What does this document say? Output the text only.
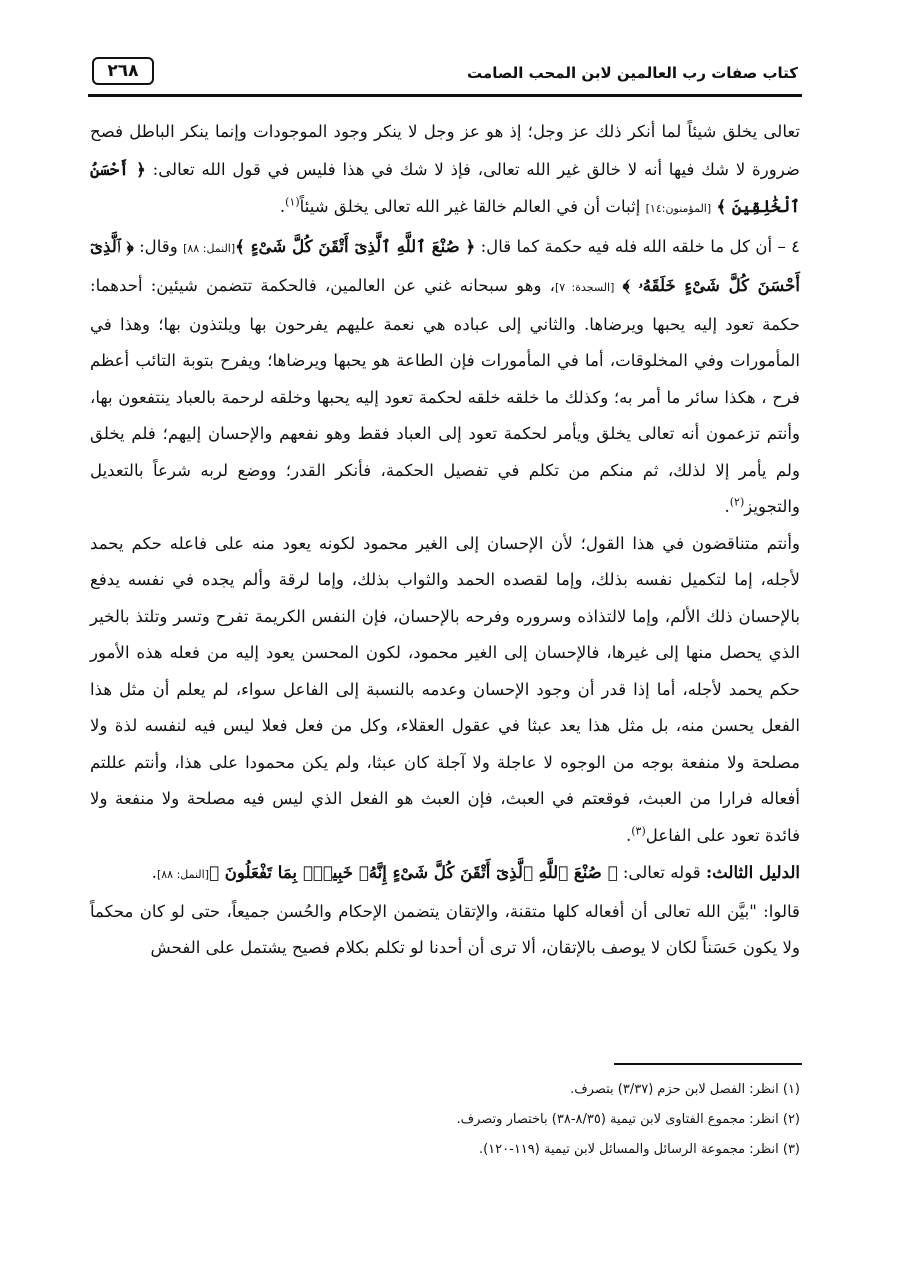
كتاب صفات رب العالمين لابن المحب الصامت
٢٦٨

تعالى يخلق شيئاً لما أنكر ذلك عز وجل؛ إذ هو عز وجل لا ينكر وجود الموجودات وإنما ينكر الباطل فصح ضرورة لا شك فيها أنه لا خالق غير الله تعالى، فإذ لا شك في هذا فليس في قول الله تعالى: ﴿ أَحْسَنُ ٱلْخَٰلِقِينَ ﴾ [المؤمنون:١٤] إثبات أن في العالم خالقا غير الله تعالى يخلق شيئاً$^{(١)}$.

٤ – أن كل ما خلقه الله فله فيه حكمة كما قال: ﴿ صُنْعَ ٱللَّهِ ٱلَّذِىٓ أَتْقَنَ كُلَّ شَىْءٍ ﴾[النمل: ٨٨] وقال: ﴿ ٱلَّذِىٓ أَحْسَنَ كُلَّ شَىْءٍ خَلَقَهُۥ ﴾ [السجدة: ٧]، وهو سبحانه غني عن العالمين، فالحكمة تتضمن شيئين: أحدهما: حكمة تعود إليه يحبها ويرضاها. والثاني إلى عباده هي نعمة عليهم يفرحون بها ويلتذون بها؛ وهذا في المأمورات وفي المخلوقات، أما في المأمورات فإن الطاعة هو يحبها ويرضاها؛ ويفرح بتوبة التائب أعظم فرح ، هكذا سائر ما أمر به؛ وكذلك ما خلقه خلقه لحكمة تعود إليه يحبها وخلقه لرحمة بالعباد ينتفعون بها، وأنتم تزعمون أنه تعالى يخلق ويأمر لحكمة تعود إلى العباد فقط وهو نفعهم والإحسان إليهم؛ فلم يخلق ولم يأمر إلا لذلك، ثم منكم من تكلم في تفصيل الحكمة، فأنكر القدر؛ ووضع لربه شرعاً بالتعديل والتجويز$^{(٢)}$.

وأنتم متناقضون في هذا القول؛ لأن الإحسان إلى الغير محمود لكونه يعود منه على فاعله حكم يحمد لأجله، إما لتكميل نفسه بذلك، وإما لقصده الحمد والثواب بذلك، وإما لرقة وألم يجده في نفسه يدفع بالإحسان ذلك الألم، وإما لالتذاذه وسروره وفرحه بالإحسان، فإن النفس الكريمة تفرح وتسر وتلتذ بالخير الذي يحصل منها إلى غيرها، فالإحسان إلى الغير محمود، لكون المحسن يعود إليه من فعله هذه الأمور حكم يحمد لأجله، أما إذا قدر أن وجود الإحسان وعدمه بالنسبة إلى الفاعل سواء، لم يعلم أن مثل هذا الفعل يحسن منه، بل مثل هذا يعد عبثا في عقول العقلاء، وكل من فعل فعلا ليس فيه لنفسه لذة ولا مصلحة ولا منفعة بوجه من الوجوه لا عاجلة ولا آجلة كان عبثا، ولم يكن محمودا على هذا، وأنتم عللتم أفعاله فرارا من العبث، فوقعتم في العبث، فإن العبث هو الفعل الذي ليس فيه مصلحة ولا منفعة ولا فائدة تعود على الفاعل$^{(٣)}$.

الدليل الثالث: قوله تعالى: ﴿ صُنْعَ ٱللَّهِ ٱلَّذِىٓ أَتْقَنَ كُلَّ شَىْءٍ إِنَّهُۥ خَبِيرٌۢ بِمَا تَفْعَلُونَ ﴾[النمل: ٨٨].

قالوا: "بيَّن الله تعالى أن أفعاله كلها متقنة، والإتقان يتضمن الإحكام والحُسن جميعاً، حتى لو كان محكماً ولا يكون حَسَناً لكان لا يوصف بالإتقان، ألا ترى أن أحدنا لو تكلم بكلام فصيح يشتمل على الفحش

(١) انظر: الفصل لابن حزم (٣/٣٧) بتصرف.
(٢) انظر: مجموع الفتاوى لابن تيمية (٨/٣٥-٣٨) باختصار وتصرف.
(٣) انظر: مجموعة الرسائل والمسائل لابن تيمية (١١٩-١٢٠).
